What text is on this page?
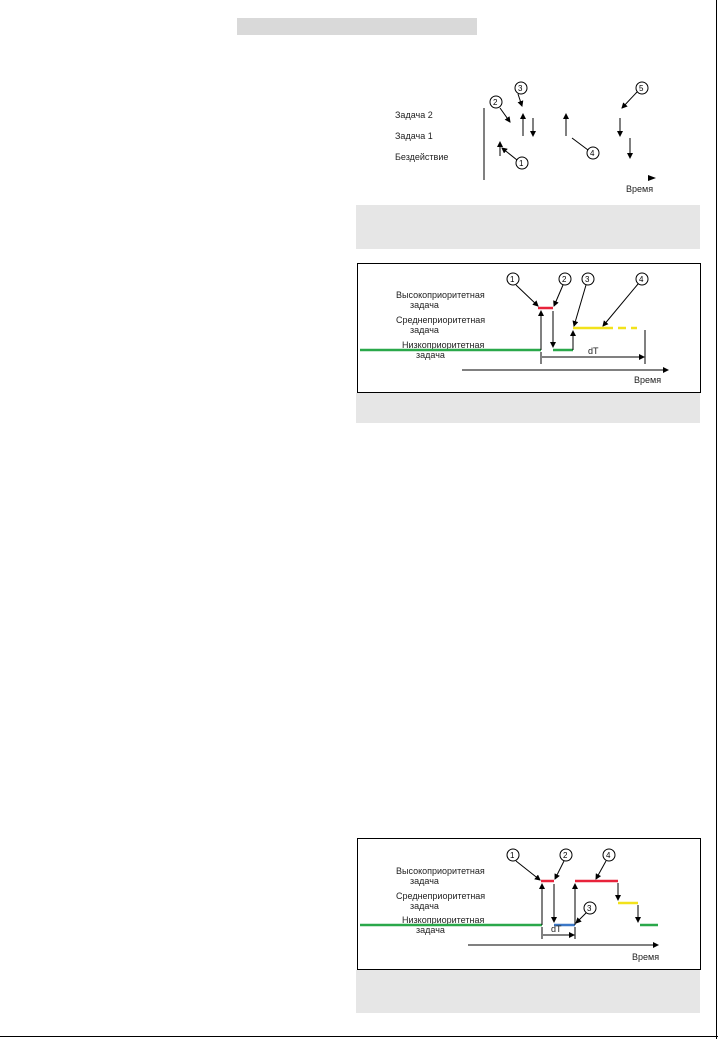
Задача 2
Задача 1
Бездействие
Время
3
2
1
4
5
Высокоприоритетная
задача
Среднеприоритетная
задача
Низкоприоритетная
задача	dT
Время
1	2 3	4
Высокоприоритетная
задача
Среднеприоритетная
задача
Низкоприоритетная
задача	dT
Время
1	2
3
4
